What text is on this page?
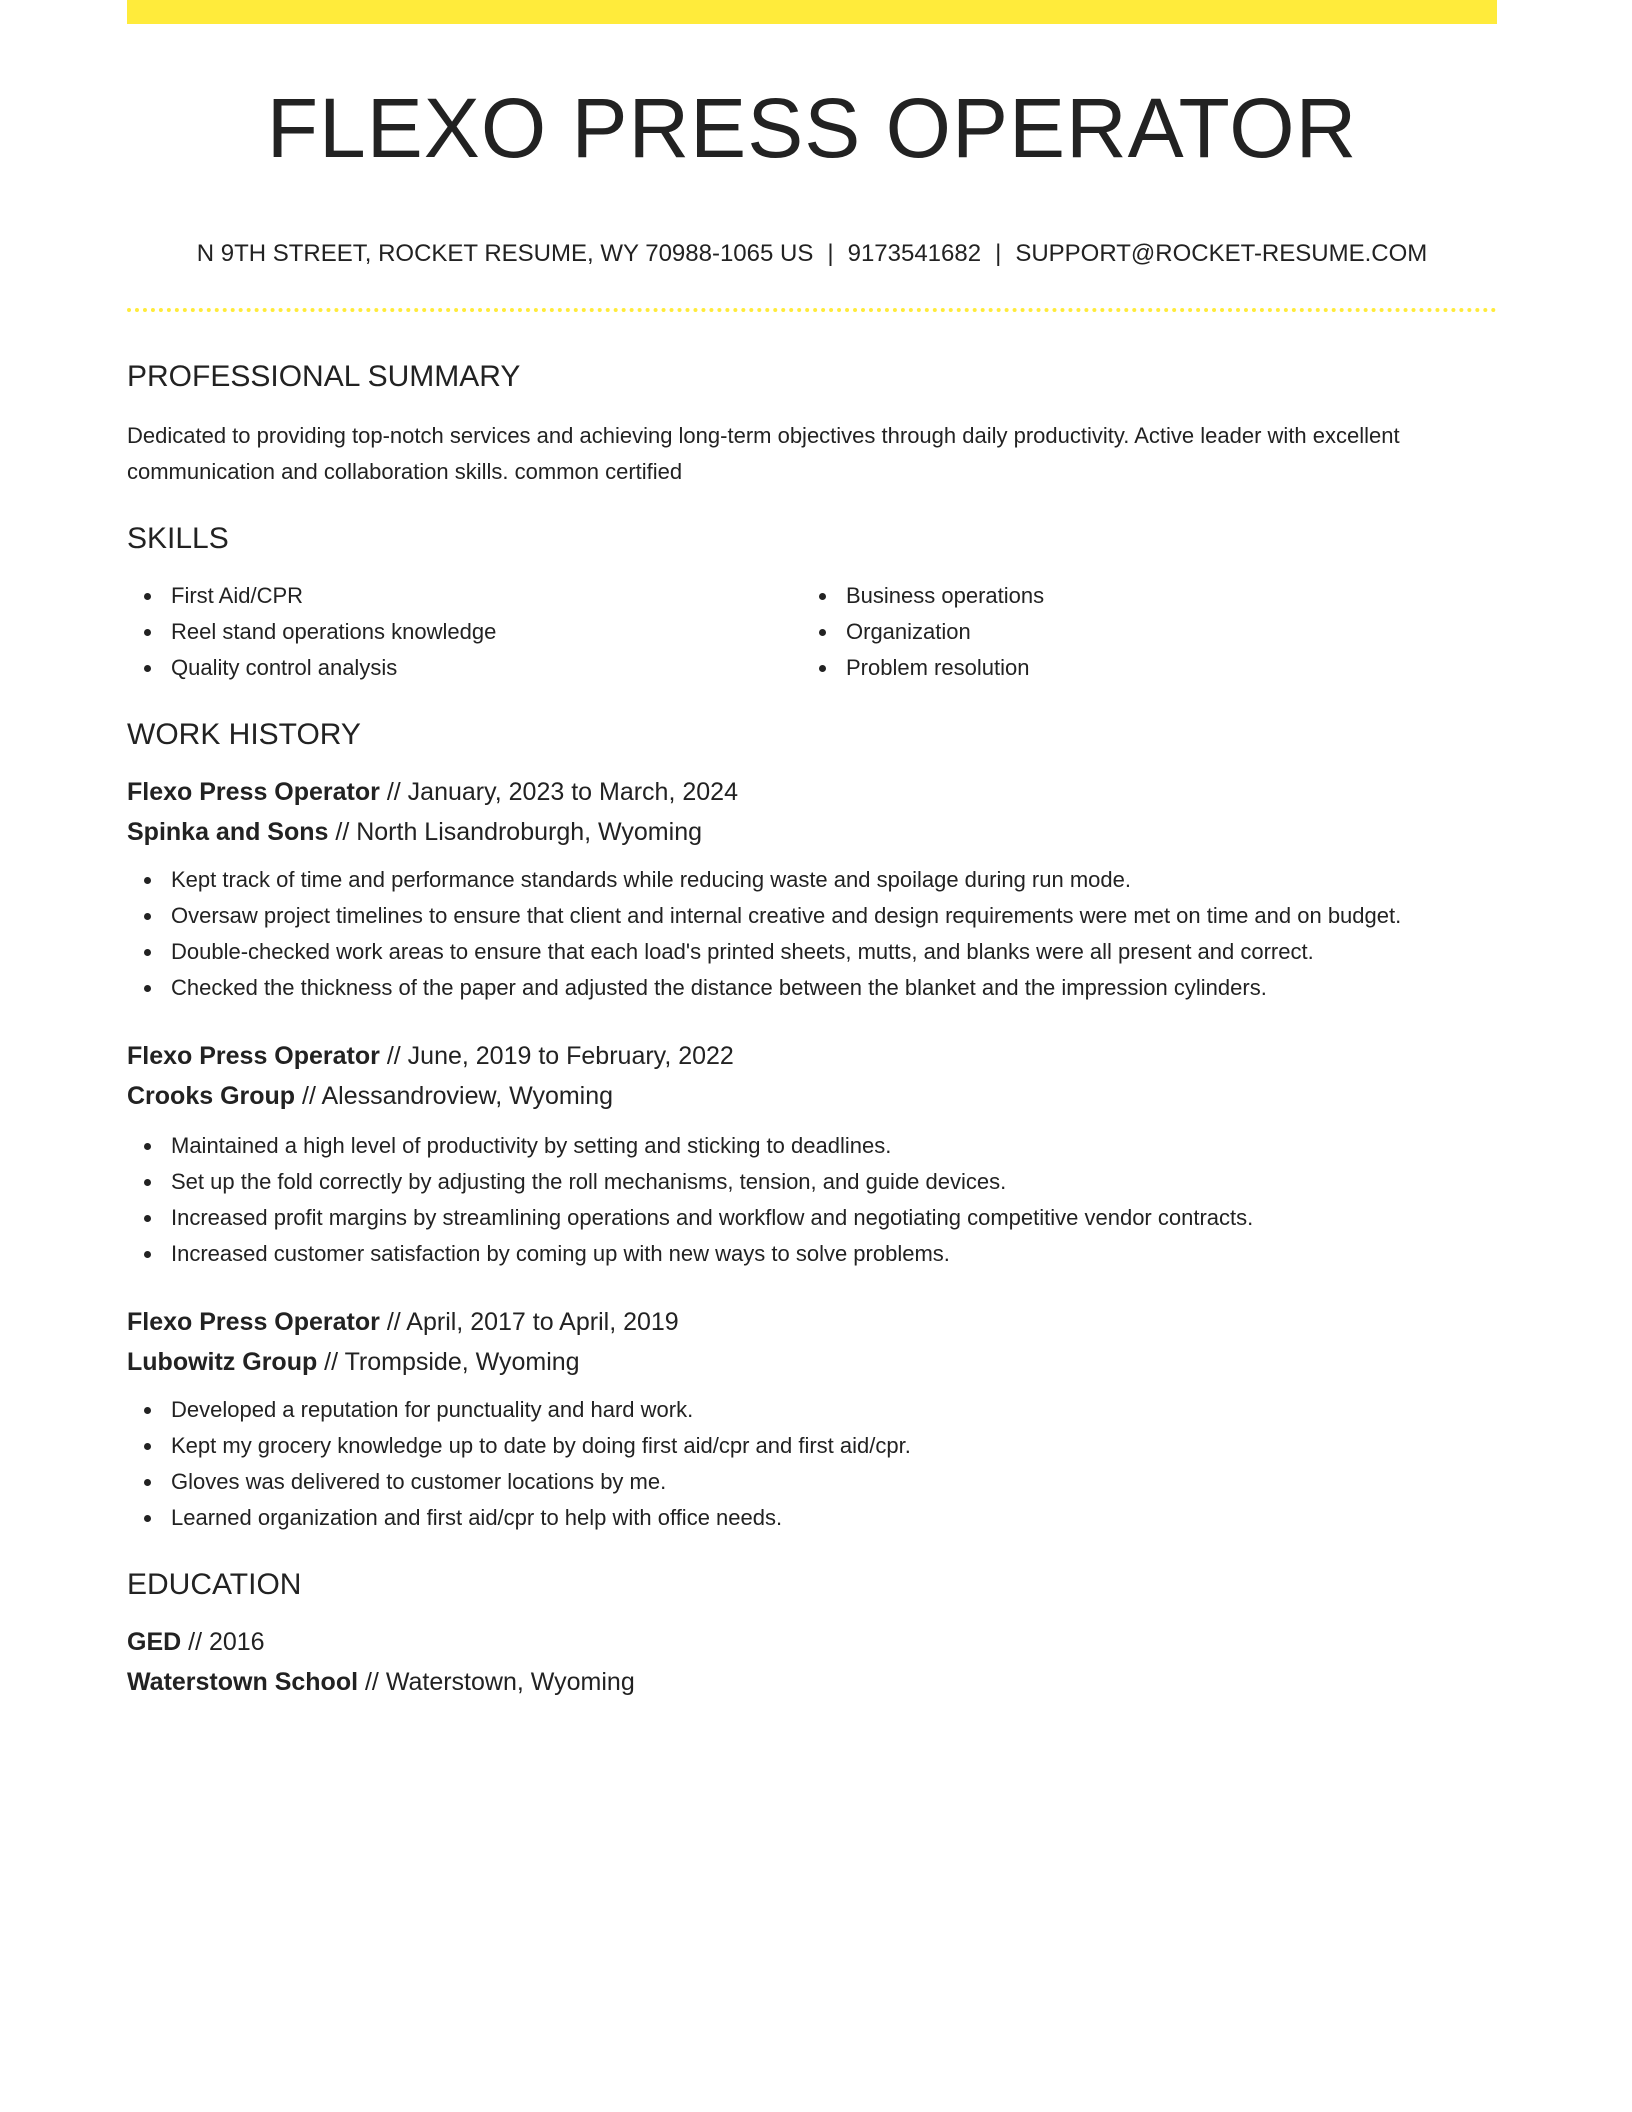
FLEXO PRESS OPERATOR
N 9TH STREET, ROCKET RESUME, WY 70988-1065 US | 9173541682 | SUPPORT@ROCKET-RESUME.COM
PROFESSIONAL SUMMARY

Dedicated to providing top-notch services and achieving long-term objectives through daily productivity. Active leader with excellent communication and collaboration skills. common certified

SKILLS
First Aid/CPR
Reel stand operations knowledge
Quality control analysis
Business operations
Organization
Problem resolution
WORK HISTORY
Flexo Press Operator // January, 2023 to March, 2024
Spinka and Sons // North Lisandroburgh, Wyoming
Kept track of time and performance standards while reducing waste and spoilage during run mode.
Oversaw project timelines to ensure that client and internal creative and design requirements were met on time and on budget.
Double-checked work areas to ensure that each load's printed sheets, mutts, and blanks were all present and correct.
Checked the thickness of the paper and adjusted the distance between the blanket and the impression cylinders.
Flexo Press Operator // June, 2019 to February, 2022
Crooks Group // Alessandroview, Wyoming
Maintained a high level of productivity by setting and sticking to deadlines.
Set up the fold correctly by adjusting the roll mechanisms, tension, and guide devices.
Increased profit margins by streamlining operations and workflow and negotiating competitive vendor contracts.
Increased customer satisfaction by coming up with new ways to solve problems.
Flexo Press Operator // April, 2017 to April, 2019
Lubowitz Group // Trompside, Wyoming
Developed a reputation for punctuality and hard work.
Kept my grocery knowledge up to date by doing first aid/cpr and first aid/cpr.
Gloves was delivered to customer locations by me.
Learned organization and first aid/cpr to help with office needs.
EDUCATION
GED // 2016
Waterstown School // Waterstown, Wyoming
